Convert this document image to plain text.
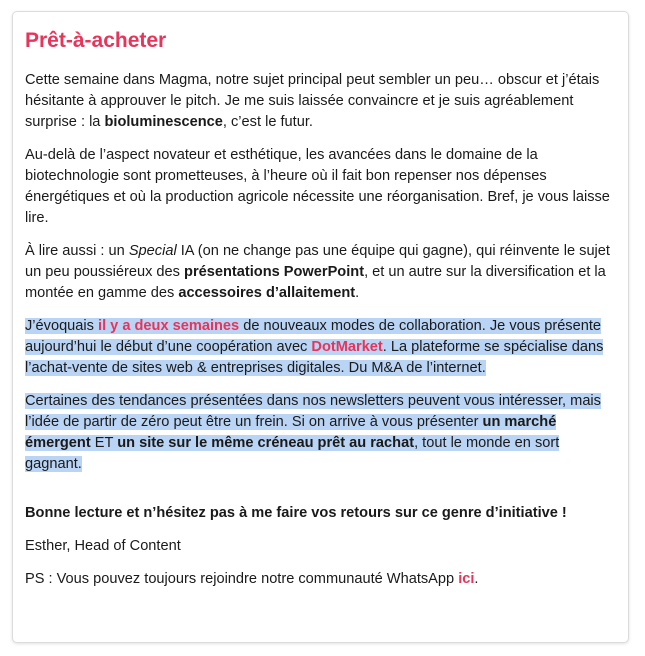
Prêt-à-acheter

Cette semaine dans Magma, notre sujet principal peut sembler un peu… obscur et j’étais hésitante à approuver le pitch. Je me suis laissée convaincre et je suis agréablement surprise : la bioluminescence, c’est le futur.

Au-delà de l’aspect novateur et esthétique, les avancées dans le domaine de la biotechnologie sont prometteuses, à l’heure où il fait bon repenser nos dépenses énergétiques et où la production agricole nécessite une réorganisation. Bref, je vous laisse lire.

À lire aussi : un Special IA (on ne change pas une équipe qui gagne), qui réinvente le sujet un peu poussiéreux des présentations PowerPoint, et un autre sur la diversification et la montée en gamme des accessoires d’allaitement.

J’évoquais il y a deux semaines de nouveaux modes de collaboration. Je vous présente aujourd’hui le début d’une coopération avec DotMarket. La plateforme se spécialise dans l’achat-vente de sites web & entreprises digitales. Du M&A de l’internet.

Certaines des tendances présentées dans nos newsletters peuvent vous intéresser, mais l’idée de partir de zéro peut être un frein. Si on arrive à vous présenter un marché émergent ET un site sur le même créneau prêt au rachat, tout le monde en sort gagnant.

Bonne lecture et n’hésitez pas à me faire vos retours sur ce genre d’initiative !

Esther, Head of Content

PS : Vous pouvez toujours rejoindre notre communauté WhatsApp ici.
